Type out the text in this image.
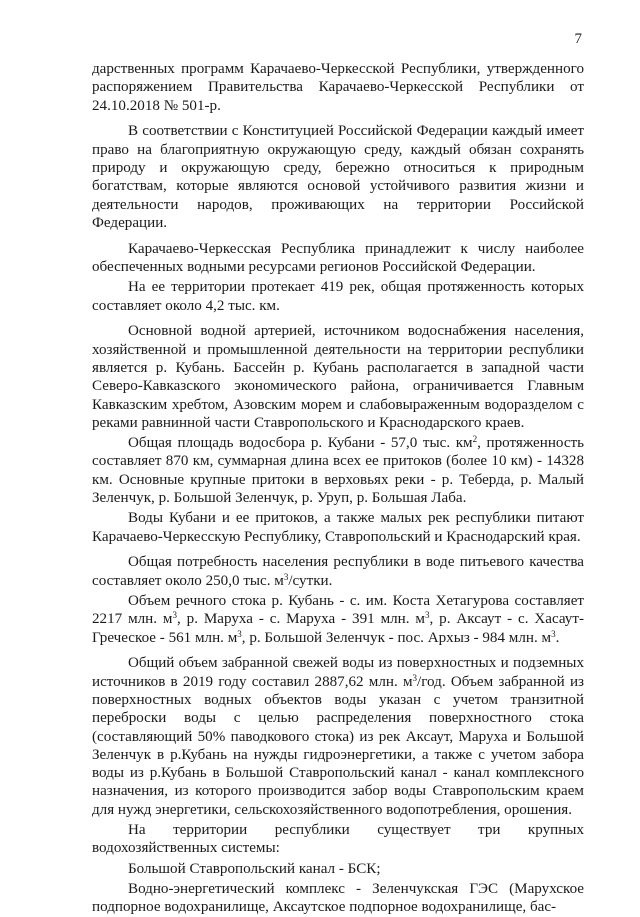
7

дарственных программ Карачаево-Черкесской Республики, утвержденного распоряжением Правительства Карачаево-Черкесской Республики от 24.10.2018 № 501-р.

В соответствии с Конституцией Российской Федерации каждый имеет право на благоприятную окружающую среду, каждый обязан сохранять природу и окружающую среду, бережно относиться к природным богатствам, которые являются основой устойчивого развития жизни и деятельности народов, проживающих на территории Российской Федерации.

Карачаево-Черкесская Республика принадлежит к числу наиболее обеспеченных водными ресурсами регионов Российской Федерации.

На ее территории протекает 419 рек, общая протяженность которых составляет около 4,2 тыс. км.

Основной водной артерией, источником водоснабжения населения, хозяйственной и промышленной деятельности на территории республики является р. Кубань. Бассейн р. Кубань располагается в западной части Северо-Кавказского экономического района, ограничивается Главным Кавказским хребтом, Азовским морем и слабовыраженным водоразделом с реками равнинной части Ставропольского и Краснодарского краев.

Общая площадь водосбора р. Кубани - 57,0 тыс. $км^2$, протяженность составляет 870 км, суммарная длина всех ее притоков (более 10 км) - 14328 км. Основные крупные притоки в верховьях реки - р. Теберда, р. Малый Зеленчук, р. Большой Зеленчук, р. Уруп, р. Большая Лаба.

Воды Кубани и ее притоков, а также малых рек республики питают Карачаево-Черкесскую Республику, Ставропольский и Краснодарский края.

Общая потребность населения республики в воде питьевого качества составляет около 250,0 тыс. $м^3$/сутки.

Объем речного стока р. Кубань - с. им. Коста Хетагурова составляет 2217 млн. $м^3$, р. Маруха - с. Маруха - 391 млн. $м^3$, р. Аксаут - с. Хасаут-Греческое - 561 млн. $м^3$, р. Большой Зеленчук - пос. Архыз - 984 млн. $м^3$.

Общий объем забранной свежей воды из поверхностных и подземных источников в 2019 году составил 2887,62 млн. $м^3$/год. Объем забранной из поверхностных водных объектов воды указан с учетом транзитной переброски воды с целью распределения поверхностного стока (составляющий 50% паводкового стока) из рек Аксаут, Маруха и Большой Зеленчук в р.Кубань на нужды гидроэнергетики, а также с учетом забора воды из р.Кубань в Большой Ставропольский канал - канал комплексного назначения, из которого производится забор воды Ставропольским краем для нужд энергетики, сельскохозяйственного водопотребления, орошения.

На территории республики существует три крупных водохозяйственных системы:

Большой Ставропольский канал - БСК;

Водно-энергетический комплекс - Зеленчукская ГЭС (Марухское подпорное водохранилище, Аксаутское подпорное водохранилище, бас-
